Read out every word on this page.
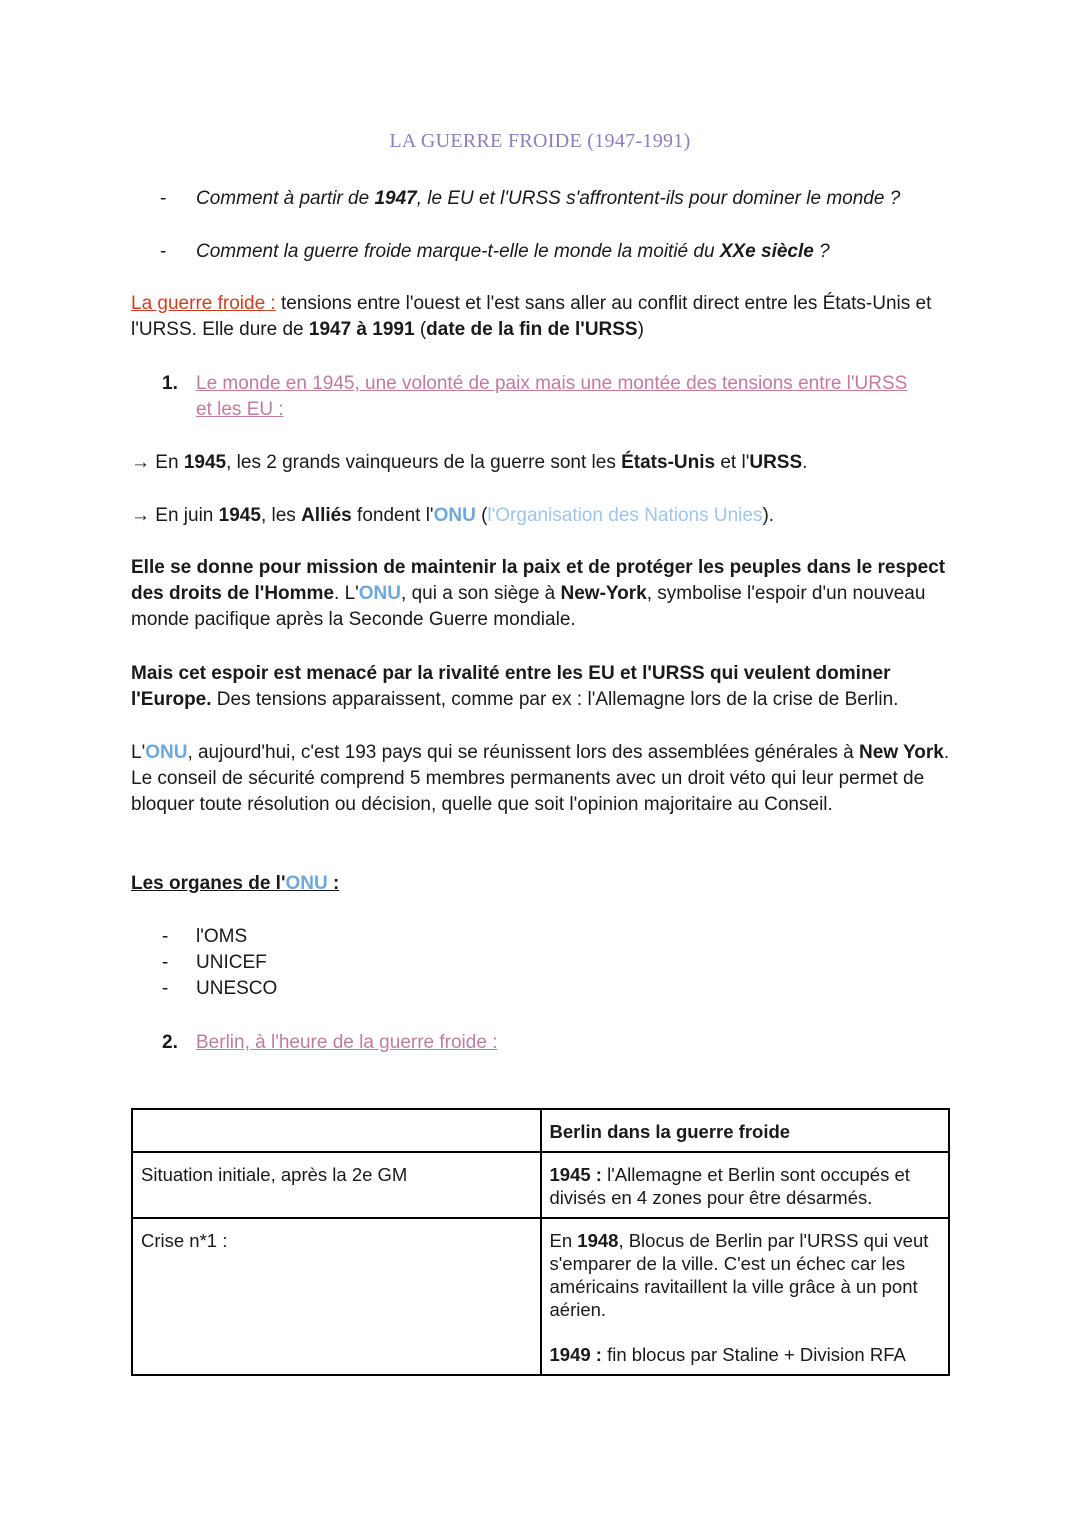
LA GUERRE FROIDE (1947-1991)
- Comment à partir de 1947, le EU et l'URSS s'affrontent-ils pour dominer le monde ?
- Comment la guerre froide marque-t-elle le monde la moitié du XXe siècle ?
La guerre froide : tensions entre l'ouest et l'est sans aller au conflit direct entre les États-Unis et l'URSS. Elle dure de 1947 à 1991 (date de la fin de l'URSS)
1. Le monde en 1945, une volonté de paix mais une montée des tensions entre l'URSS et les EU :
→ En 1945, les 2 grands vainqueurs de la guerre sont les États-Unis et l'URSS.
→ En juin 1945, les Alliés fondent l'ONU (l'Organisation des Nations Unies).
Elle se donne pour mission de maintenir la paix et de protéger les peuples dans le respect des droits de l'Homme. L'ONU, qui a son siège à New-York, symbolise l'espoir d'un nouveau monde pacifique après la Seconde Guerre mondiale.
Mais cet espoir est menacé par la rivalité entre les EU et l'URSS qui veulent dominer l'Europe. Des tensions apparaissent, comme par ex : l'Allemagne lors de la crise de Berlin.
L'ONU, aujourd'hui, c'est 193 pays qui se réunissent lors des assemblées générales à New York. Le conseil de sécurité comprend 5 membres permanents avec un droit véto qui leur permet de bloquer toute résolution ou décision, quelle que soit l'opinion majoritaire au Conseil.
Les organes de l'ONU :
- l'OMS
- UNICEF
- UNESCO
2. Berlin, à l'heure de la guerre froide :
	Berlin dans la guerre froide
Situation initiale, après la 2e GM	1945 : l'Allemagne et Berlin sont occupés et divisés en 4 zones pour être désarmés.
Crise n*1 :	En 1948, Blocus de Berlin par l'URSS qui veut s'emparer de la ville. C'est un échec car les américains ravitaillent la ville grâce à un pont aérien.

1949 : fin blocus par Staline + Division RFA
